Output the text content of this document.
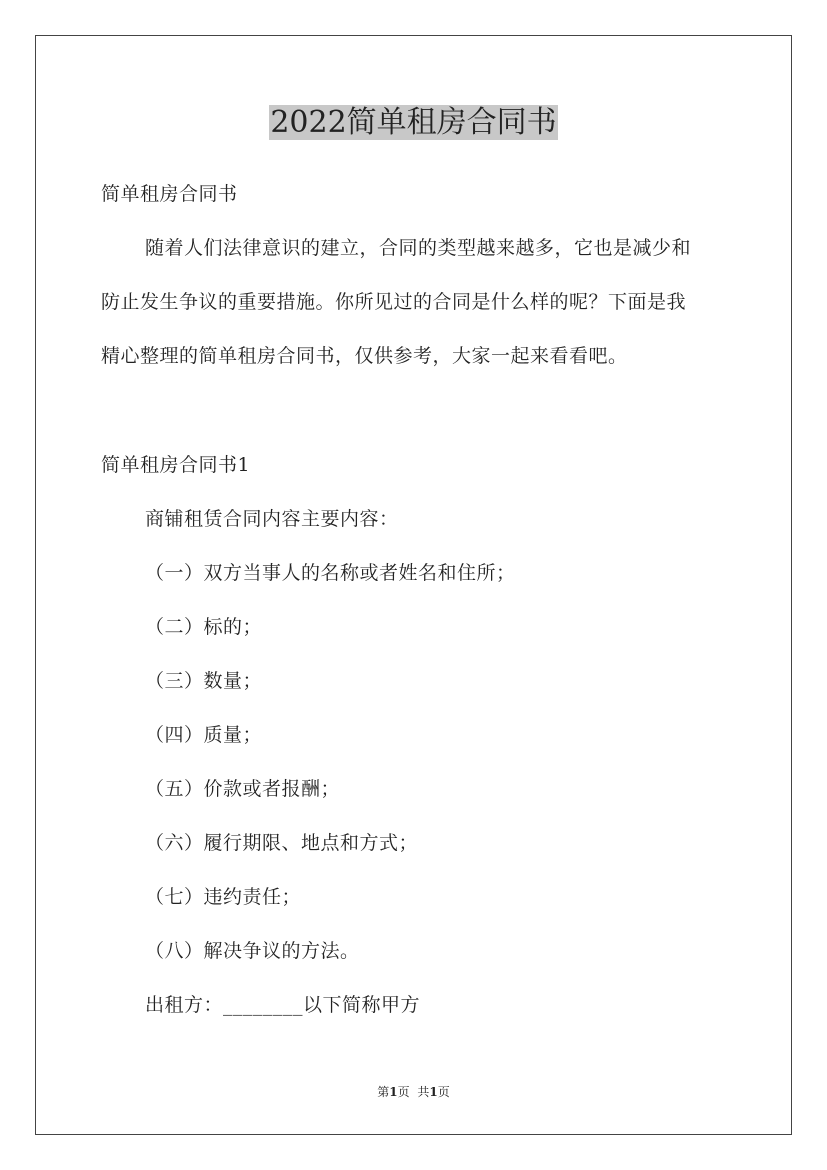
2022简单租房合同书
简单租房合同书
随着人们法律意识的建立，合同的类型越来越多，它也是减少和
防止发生争议的重要措施。你所见过的合同是什么样的呢？下面是我
精心整理的简单租房合同书，仅供参考，大家一起来看看吧。
简单租房合同书1
商铺租赁合同内容主要内容：
（一）双方当事人的名称或者姓名和住所；
（二）标的；
（三）数量；
（四）质量；
（五）价款或者报酬；
（六）履行期限、地点和方式；
（七）违约责任；
（八）解决争议的方法。
出租方：________以下简称甲方
第1页 共1页
